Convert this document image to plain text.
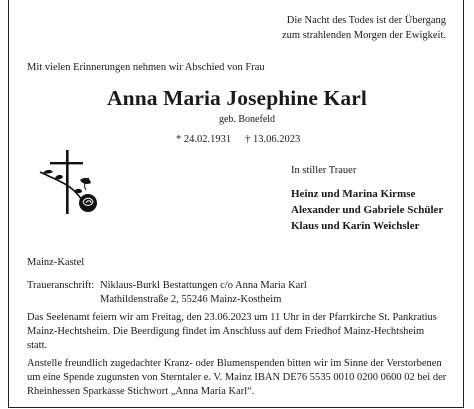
Die Nacht des Todes ist der Übergang
zum strahlenden Morgen der Ewigkeit.
Mit vielen Erinnerungen nehmen wir Abschied von Frau
Anna Maria Josephine Karl
geb. Bonefeld
* 24.02.1931 † 13.06.2023
In stiller Trauer
Heinz und Marina Kirmse
Alexander und Gabriele Schüler
Klaus und Karin Weichsler
Mainz-Kastel
Traueranschrift: Niklaus-Burkl Bestattungen c/o Anna Maria Karl
Mathildenstraße 2, 55246 Mainz-Kostheim
Das Seelenamt feiern wir am Freitag, den 23.06.2023 um 11 Uhr in der Pfarrkirche St. Pankratius
Mainz-Hechtsheim. Die Beerdigung findet im Anschluss auf dem Friedhof Mainz-Hechtsheim
statt.
Anstelle freundlich zugedachter Kranz- oder Blumenspenden bitten wir im Sinne der Verstorbenen
um eine Spende zugunsten von Sterntaler e. V. Mainz IBAN DE76 5535 0010 0200 0600 02 bei der
Rheinhessen Sparkasse Stichwort „Anna Maria Karl“.
